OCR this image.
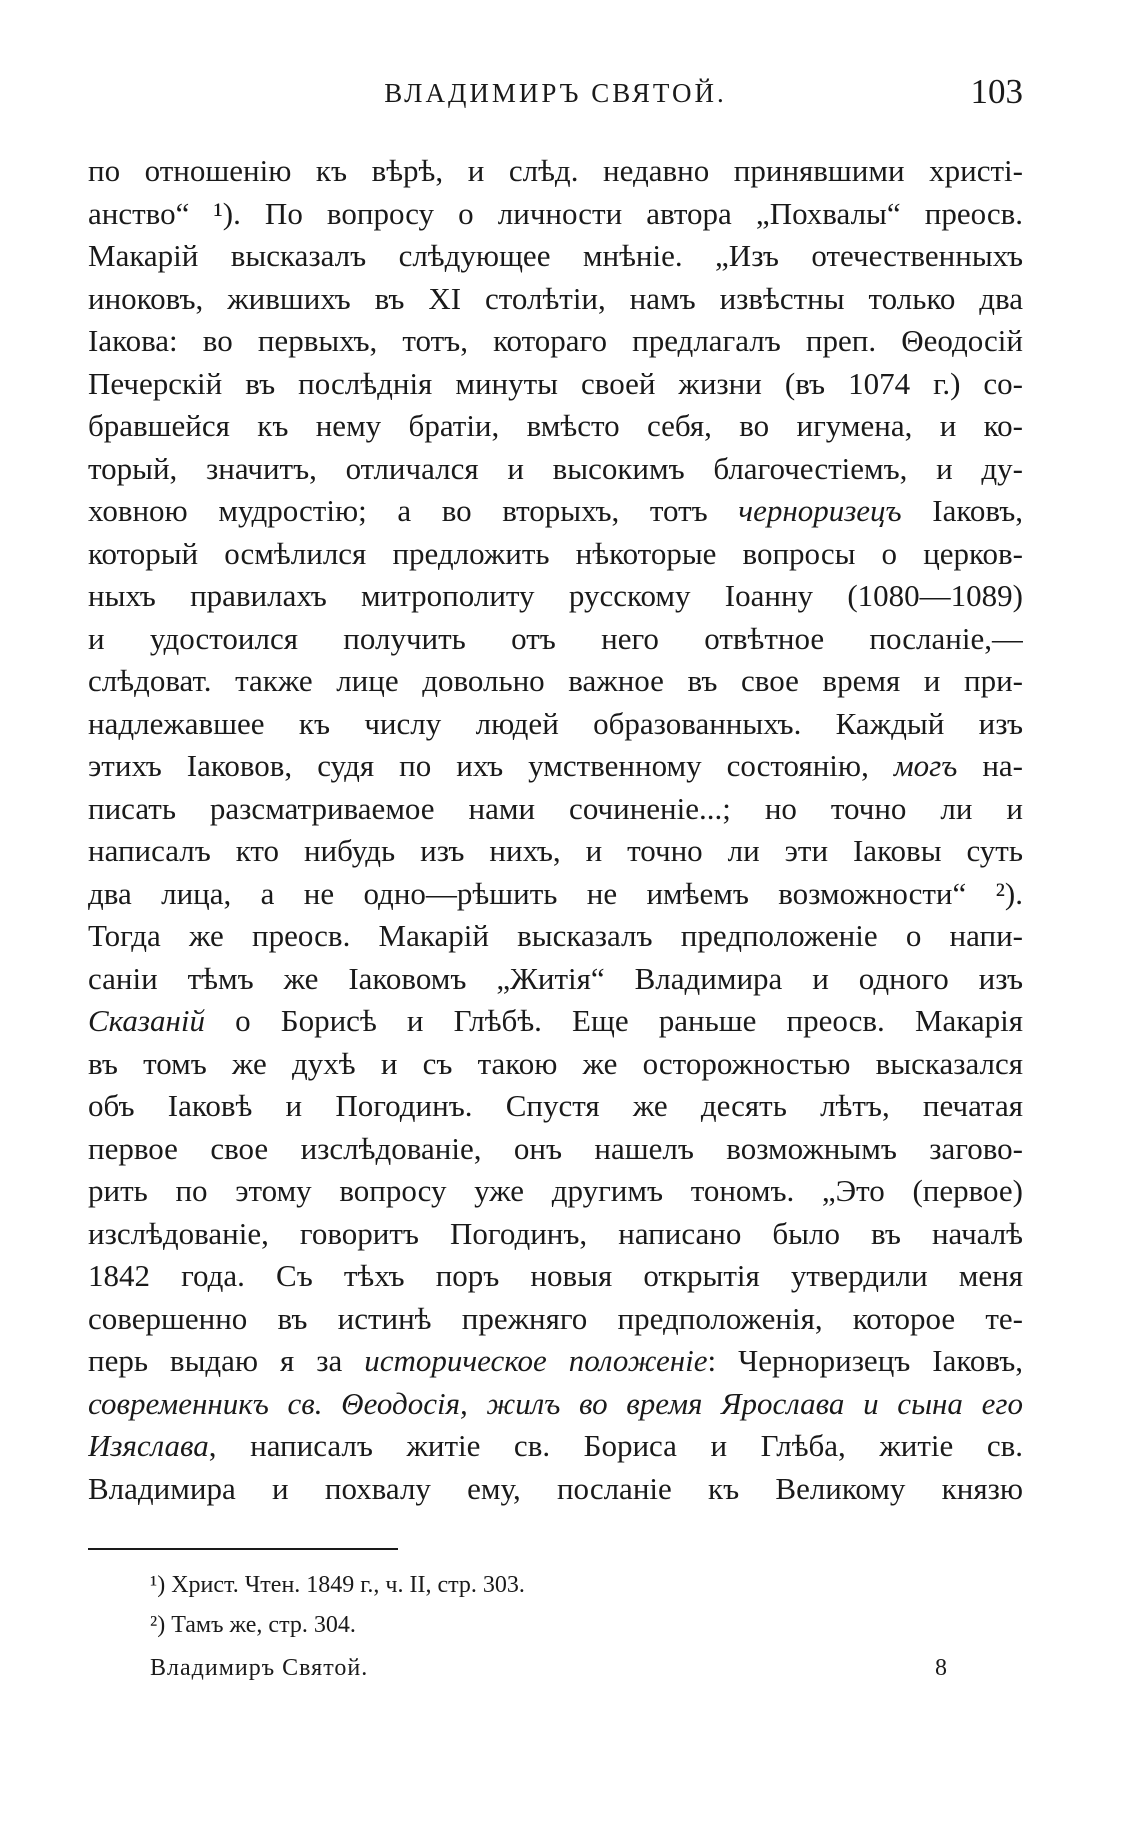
ВЛАДИМИРЪ СВЯТОЙ.	103
по отношенію къ вѣрѣ, и слѣд. недавно принявшими христі-
анство“ ¹). По вопросу о личности автора „Похвалы“ преосв.
Макарій высказалъ слѣдующее мнѣніе. „Изъ отечественныхъ
иноковъ, жившихъ въ XI столѣтіи, намъ извѣстны только два
Іакова: во первыхъ, тотъ, котораго предлагалъ преп. Θеодосій
Печерскій въ послѣднія минуты своей жизни (въ 1074 г.) со-
бравшейся къ нему братіи, вмѣсто себя, во игумена, и ко-
торый, значитъ, отличался и высокимъ благочестіемъ, и ду-
ховною мудростію; а во вторыхъ, тотъ черноризецъ Іаковъ,
который осмѣлился предложить нѣкоторые вопросы о церков-
ныхъ правилахъ митрополиту русскому Іоанну (1080—1089)
и удостоился получить отъ него отвѣтное посланіе,—
слѣдоват. также лице довольно важное въ свое время и при-
надлежавшее къ числу людей образованныхъ. Каждый изъ
этихъ Іаковов, судя по ихъ умственному состоянію, могъ на-
писать разсматриваемое нами сочиненіе...; но точно ли и
написалъ кто нибудь изъ нихъ, и точно ли эти Іаковы суть
два лица, а не одно—рѣшить не имѣемъ возможности“ ²).
Тогда же преосв. Макарій высказалъ предположеніе о напи-
саніи тѣмъ же Іаковомъ „Житія“ Владимира и одного изъ
Сказаній о Борисѣ и Глѣбѣ. Еще раньше преосв. Макарія
въ томъ же духѣ и съ такою же осторожностью высказался
объ Іаковѣ и Погодинъ. Спустя же десять лѣтъ, печатая
первое свое изслѣдованіе, онъ нашелъ возможнымъ загово-
рить по этому вопросу уже другимъ тономъ. „Это (первое)
изслѣдованіе, говоритъ Погодинъ, написано было въ началѣ
1842 года. Съ тѣхъ поръ новыя открытія утвердили меня
совершенно въ истинѣ прежняго предположенія, которое те-
перь выдаю я за историческое положеніе: Черноризецъ Іаковъ,
современникъ св. Θеодосія, жилъ во время Ярослава и сына его
Изяслава, написалъ житіе св. Бориса и Глѣба, житіе св.
Владимира и похвалу ему, посланіе къ Великому князю
¹) Христ. Чтен. 1849 г., ч. II, стр. 303.
²) Тамъ же, стр. 304.
Владимиръ Святой.	8
